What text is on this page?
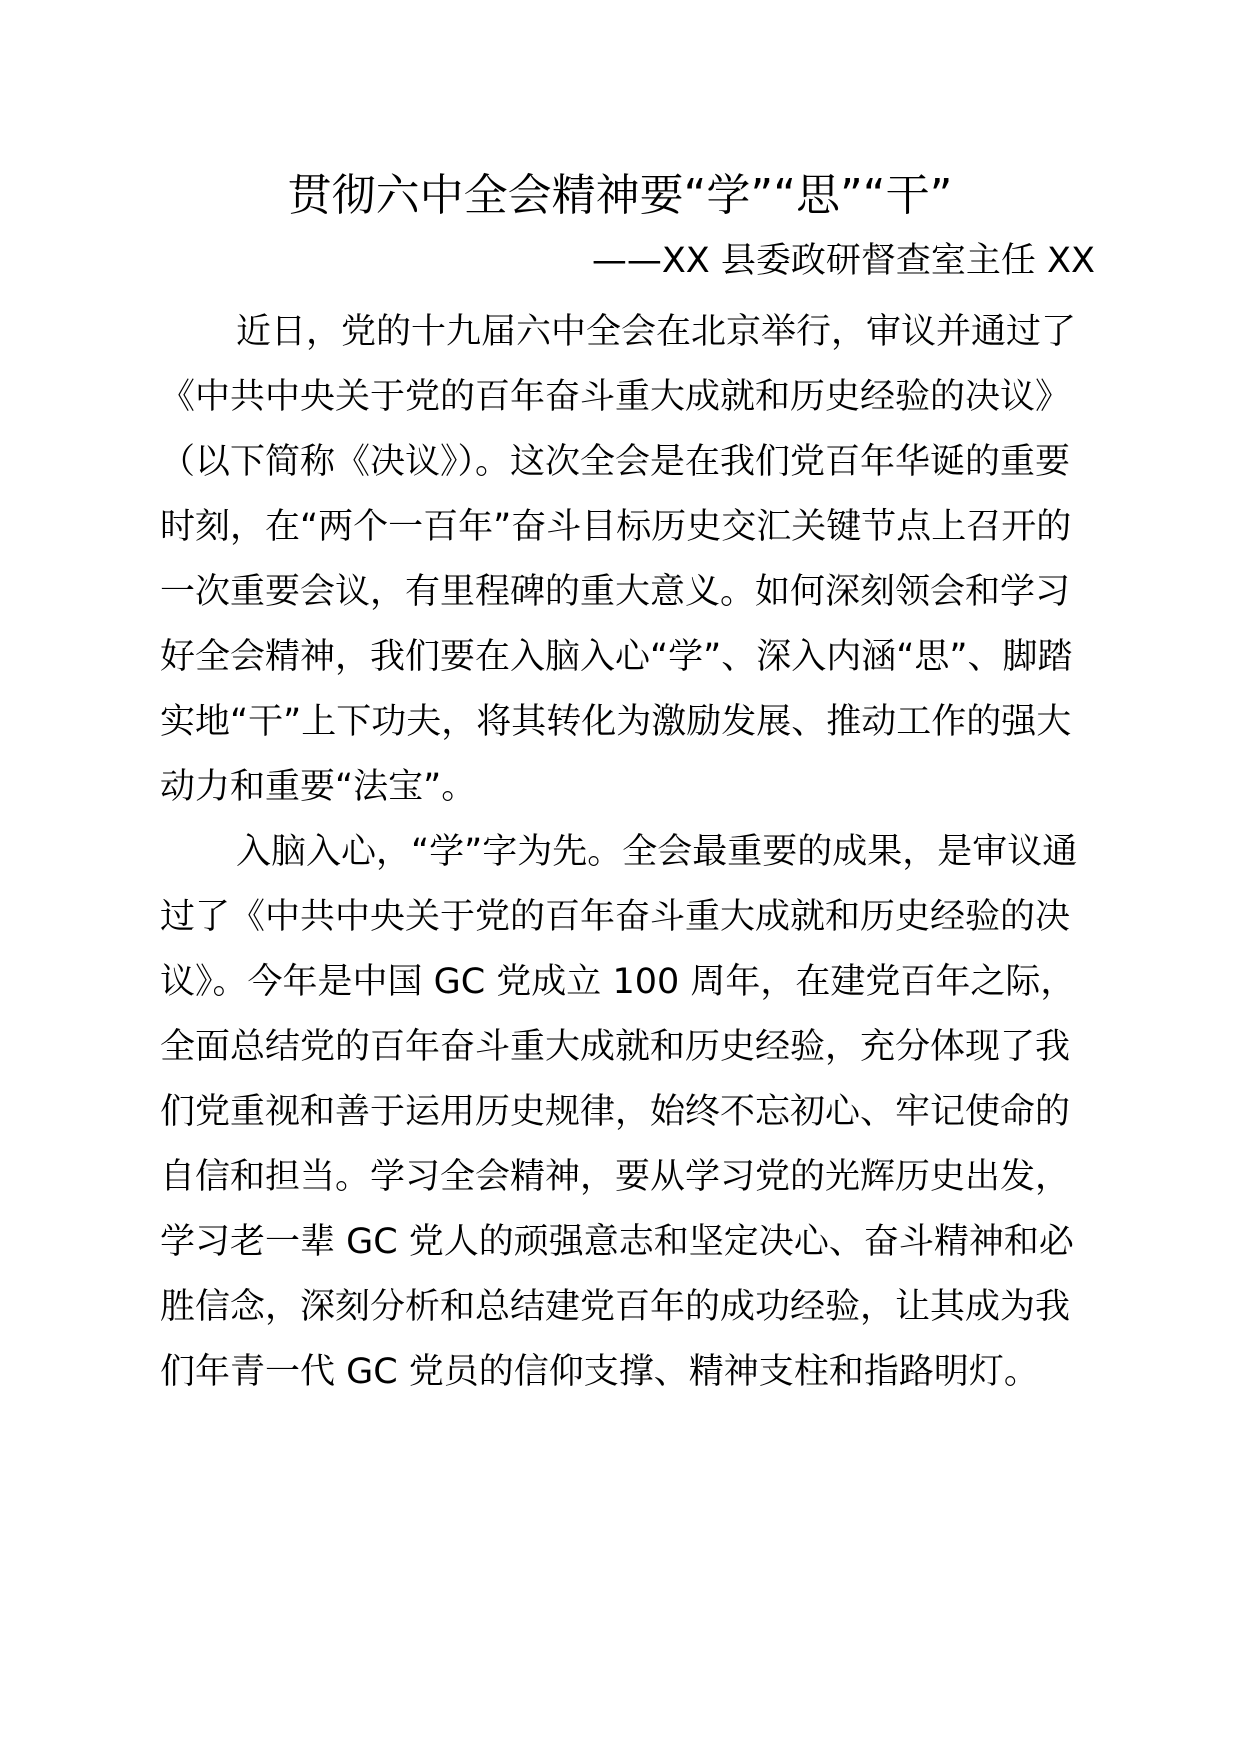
贯彻六中全会精神要“学”“思”“干”
——XX 县委政研督查室主任 XX

近日，党的十九届六中全会在北京举行，审议并通过了《中共中央关于党的百年奋斗重大成就和历史经验的决议》（以下简称《决议》）。这次全会是在我们党百年华诞的重要时刻，在“两个一百年”奋斗目标历史交汇关键节点上召开的一次重要会议，有里程碑的重大意义。如何深刻领会和学习好全会精神，我们要在入脑入心“学”、深入内涵“思”、脚踏实地“干”上下功夫，将其转化为激励发展、推动工作的强大动力和重要“法宝”。

入脑入心，“学”字为先。全会最重要的成果，是审议通过了《中共中央关于党的百年奋斗重大成就和历史经验的决议》。今年是中国 GC 党成立 100 周年，在建党百年之际，全面总结党的百年奋斗重大成就和历史经验，充分体现了我们党重视和善于运用历史规律，始终不忘初心、牢记使命的自信和担当。学习全会精神，要从学习党的光辉历史出发，学习老一辈 GC 党人的顽强意志和坚定决心、奋斗精神和必胜信念，深刻分析和总结建党百年的成功经验，让其成为我们年青一代 GC 党员的信仰支撑、精神支柱和指路明灯。
